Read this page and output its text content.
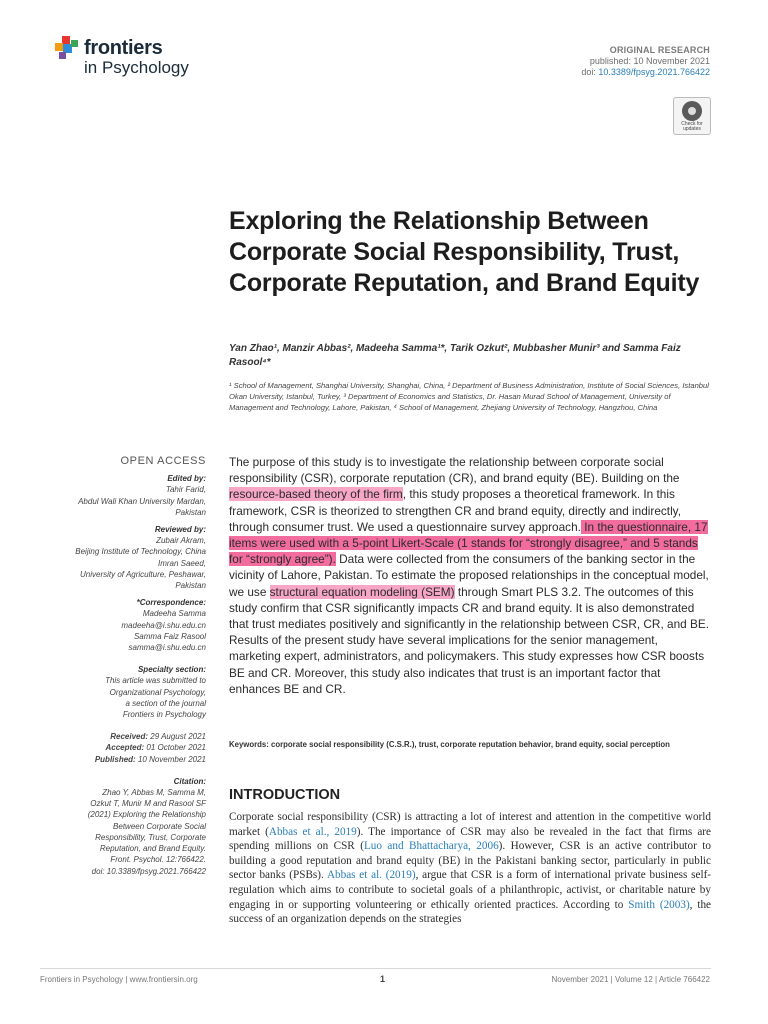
frontiers
in Psychology
ORIGINAL RESEARCH
published: 10 November 2021
doi: 10.3389/fpsyg.2021.766422
Check for updates
Exploring the Relationship Between Corporate Social Responsibility, Trust, Corporate Reputation, and Brand Equity
Yan Zhao¹, Manzir Abbas², Madeeha Samma¹*, Tarik Ozkut², Mubbasher Munir³ and Samma Faiz Rasool⁴*
¹ School of Management, Shanghai University, Shanghai, China, ² Department of Business Administration, Institute of Social Sciences, Istanbul Okan University, Istanbul, Turkey, ³ Department of Economics and Statistics, Dr. Hasan Murad School of Management, University of Management and Technology, Lahore, Pakistan, ⁴ School of Management, Zhejiang University of Technology, Hangzhou, China
OPEN ACCESS

Edited by:

Tahir Farid,

Abdul Wali Khan University Mardan,

Pakistan

Reviewed by:

Zubair Akram,

Beijing Institute of Technology, China

Imran Saeed,

University of Agriculture, Peshawar,

Pakistan

*Correspondence:

Madeeha Samma

madeeha@i.shu.edu.cn

Samma Faiz Rasool

samma@i.shu.edu.cn

Specialty section:

This article was submitted to

Organizational Psychology,

a section of the journal

Frontiers in Psychology

Received: 29 August 2021

Accepted: 01 October 2021

Published: 10 November 2021

Citation:

Zhao Y, Abbas M, Samma M,

Ozkut T, Munir M and Rasool SF

(2021) Exploring the Relationship

Between Corporate Social

Responsibility, Trust, Corporate

Reputation, and Brand Equity.

Front. Psychol. 12:766422.

doi: 10.3389/fpsyg.2021.766422

The purpose of this study is to investigate the relationship between corporate social responsibility (CSR), corporate reputation (CR), and brand equity (BE). Building on the resource-based theory of the firm, this study proposes a theoretical framework. In this framework, CSR is theorized to strengthen CR and brand equity, directly and indirectly, through consumer trust. We used a questionnaire survey approach. In the questionnaire, 17 items were used with a 5-point Likert-Scale (1 stands for “strongly disagree,” and 5 stands for “strongly agree”). Data were collected from the consumers of the banking sector in the vicinity of Lahore, Pakistan. To estimate the proposed relationships in the conceptual model, we use structural equation modeling (SEM) through Smart PLS 3.2. The outcomes of this study confirm that CSR significantly impacts CR and brand equity. It is also demonstrated that trust mediates positively and significantly in the relationship between CSR, CR, and BE. Results of the present study have several implications for the senior management, marketing expert, administrators, and policymakers. This study expresses how CSR boosts BE and CR. Moreover, this study also indicates that trust is an important factor that enhances BE and CR.
Keywords: corporate social responsibility (C.S.R.), trust, corporate reputation behavior, brand equity, social perception
INTRODUCTION
Corporate social responsibility (CSR) is attracting a lot of interest and attention in the competitive world market (Abbas et al., 2019). The importance of CSR may also be revealed in the fact that firms are spending millions on CSR (Luo and Bhattacharya, 2006). However, CSR is an active contributor to building a good reputation and brand equity (BE) in the Pakistani banking sector, particularly in public sector banks (PSBs). Abbas et al. (2019), argue that CSR is a form of international private business self-regulation which aims to contribute to societal goals of a philanthropic, activist, or charitable nature by engaging in or supporting volunteering or ethically oriented practices. According to Smith (2003), the success of an organization depends on the strategies
Frontiers in Psychology | www.frontiersin.org	1	November 2021 | Volume 12 | Article 766422
